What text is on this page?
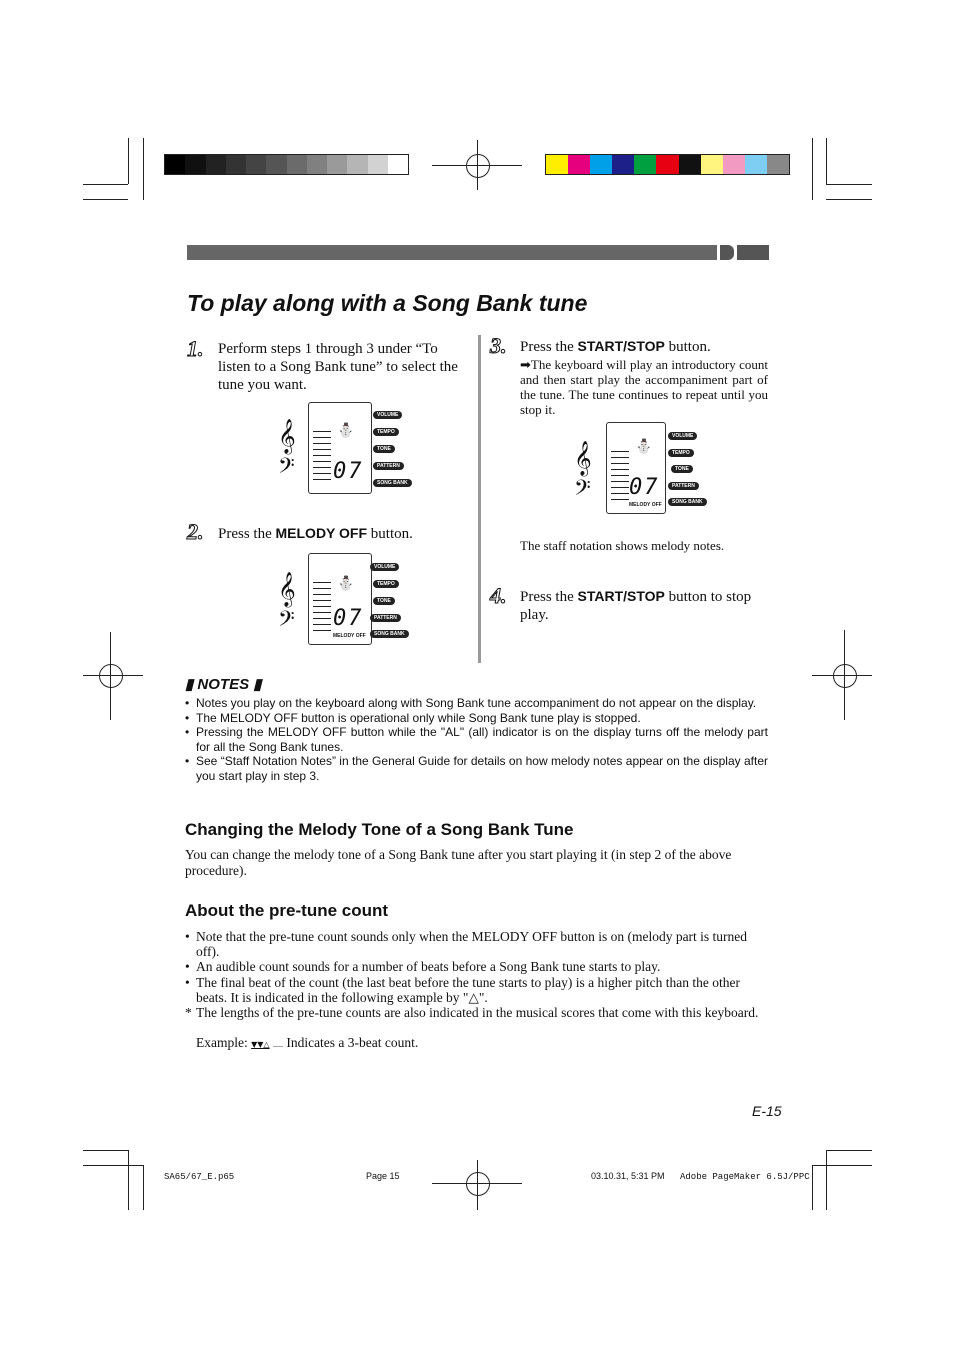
To play along with a Song Bank tune
1. Perform steps 1 through 3 under “To listen to a Song Bank tune” to select the tune you want.
𝄞
𝄢
⛄
07
VOLUME
TEMPO
TONE
PATTERN
SONG BANK
2. Press the MELODY OFF button.
𝄞
𝄢
⛄
07
MELODY OFF
VOLUME
TEMPO
TONE
PATTERN
SONG BANK
3. Press the START/STOP button.
➡The keyboard will play an introductory count and then start play the accompaniment part of the tune. The tune continues to repeat until you stop it.
𝄞
𝄢
⛄
07
MELODY OFF
VOLUME
TEMPO
TONE
PATTERN
SONG BANK
The staff notation shows melody notes.
4. Press the START/STOP button to stop play.
▮ NOTES ▮
• Notes you play on the keyboard along with Song Bank tune accompaniment do not appear on the display.
• The MELODY OFF button is operational only while Song Bank tune play is stopped.
• Pressing the MELODY OFF button while the "AL" (all) indicator is on the display turns off the melody part for all the Song Bank tunes.
• See “Staff Notation Notes” in the General Guide for details on how melody notes appear on the display after you start play in step 3.
Changing the Melody Tone of a Song Bank Tune
You can change the melody tone of a Song Bank tune after you start playing it (in step 2 of the above procedure).
About the pre-tune count
• Note that the pre-tune count sounds only when the MELODY OFF button is on (melody part is turned off).
• An audible count sounds for a number of beats before a Song Bank tune starts to play.
• The final beat of the count (the last beat before the tune starts to play) is a higher pitch than the other beats. It is indicated in the following example by "△".
* The lengths of the pre-tune counts are also indicated in the musical scores that come with this keyboard.
Example: ▼▼△ ..... Indicates a 3-beat count.
E-15
SA65/67_E.p65	Page 15	03.10.31, 5:31 PM Adobe PageMaker 6.5J/PPC
